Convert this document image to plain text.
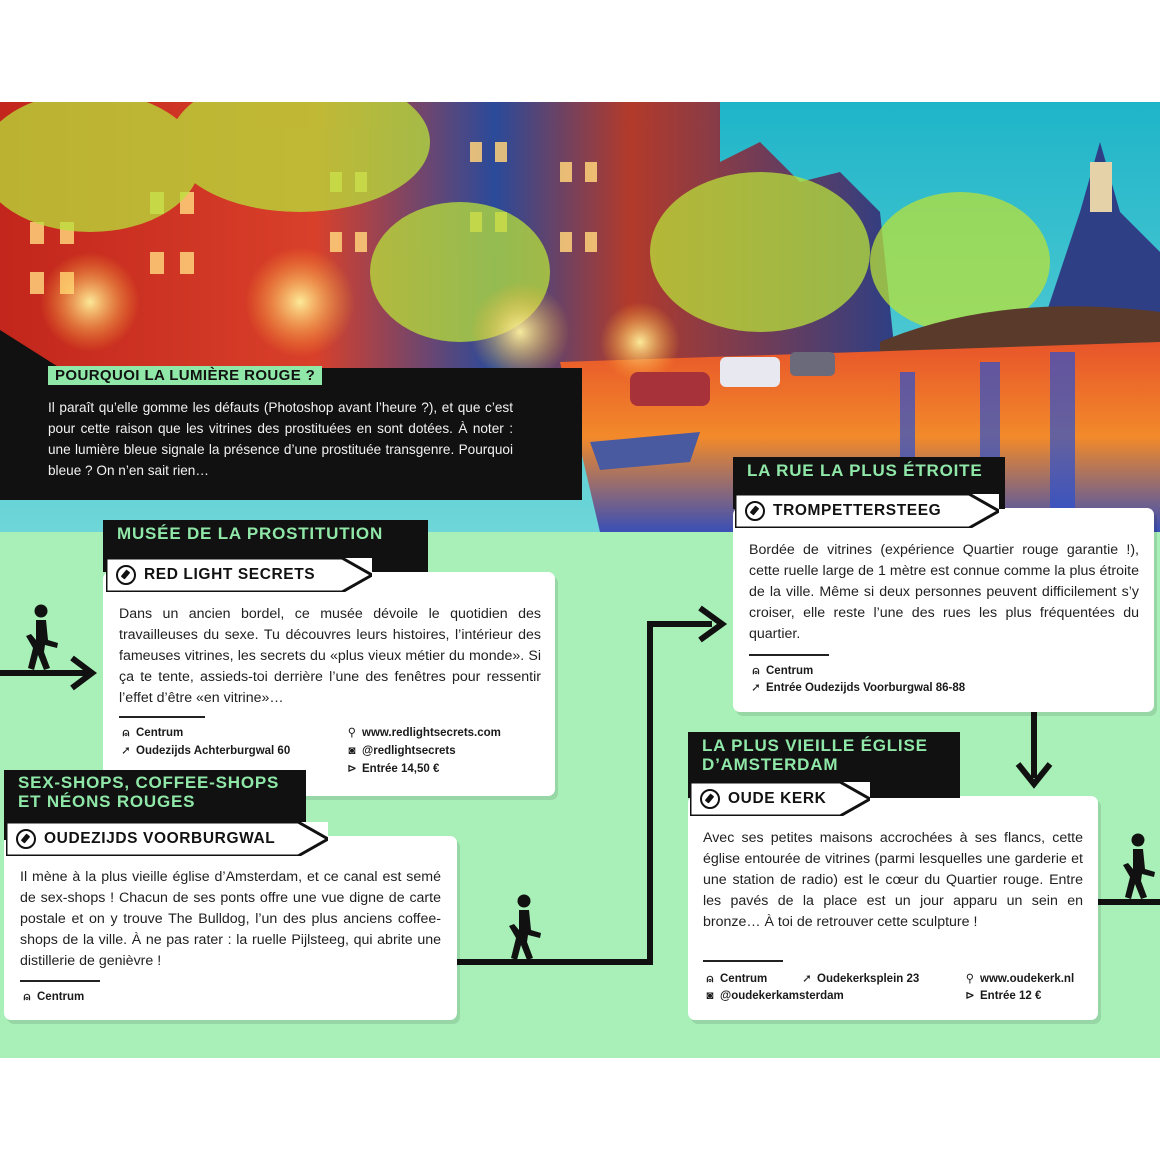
POURQUOI LA LUMIÈRE ROUGE ?
Il paraît qu’elle gomme les défauts (Photoshop avant l’heure ?), et que c’est pour cette raison que les vitrines des prostituées en sont dotées. À noter : une lumière bleue signale la présence d’une prostituée transgenre. Pourquoi bleue ? On n’en sait rien…
MUSÉE DE LA PROSTITUTION
RED LIGHT SECRETS
Dans un ancien bordel, ce musée dévoile le quotidien des travailleuses du sexe. Tu découvres leurs histoires, l’intérieur des fameuses vitrines, les secrets du «plus vieux métier du monde». Si ça te tente, assieds-toi derrière l’une des fenêtres pour ressentir l’effet d’être «en vitrine»…
⍝ Centrum
➚ Oudezijds Achterburgwal 60
⚲ www.redlightsecrets.com
◙ @redlightsecrets
⊳ Entrée 14,50 €
LA RUE LA PLUS ÉTROITE
TROMPETTERSTEEG
Bordée de vitrines (expérience Quartier rouge garantie !), cette ruelle large de 1 mètre est connue comme la plus étroite de la ville. Même si deux personnes peuvent difficilement s’y croiser, elle reste l’une des rues les plus fréquentées du quartier.
⍝ Centrum
➚ Entrée Oudezijds Voorburgwal 86-88
SEX-SHOPS, COFFEE-SHOPS
ET NÉONS ROUGES
OUDEZIJDS VOORBURGWAL
Il mène à la plus vieille église d’Amsterdam, et ce canal est semé de sex-shops ! Chacun de ses ponts offre une vue digne de carte postale et on y trouve The Bulldog, l’un des plus anciens coffee-shops de la ville. À ne pas rater : la ruelle Pijlsteeg, qui abrite une distillerie de genièvre !
⍝ Centrum
LA PLUS VIEILLE ÉGLISE
D’AMSTERDAM
OUDE KERK
Avec ses petites maisons accrochées à ses flancs, cette église entourée de vitrines (parmi lesquelles une garderie et une station de radio) est le cœur du Quartier rouge. Entre les pavés de la place est un jour apparu un sein en bronze… À toi de retrouver cette sculpture !
⍝ Centrum	➚ Oudekerksplein 23
◙ @oudekerkamsterdam
⚲ www.oudekerk.nl
⊳ Entrée 12 €
